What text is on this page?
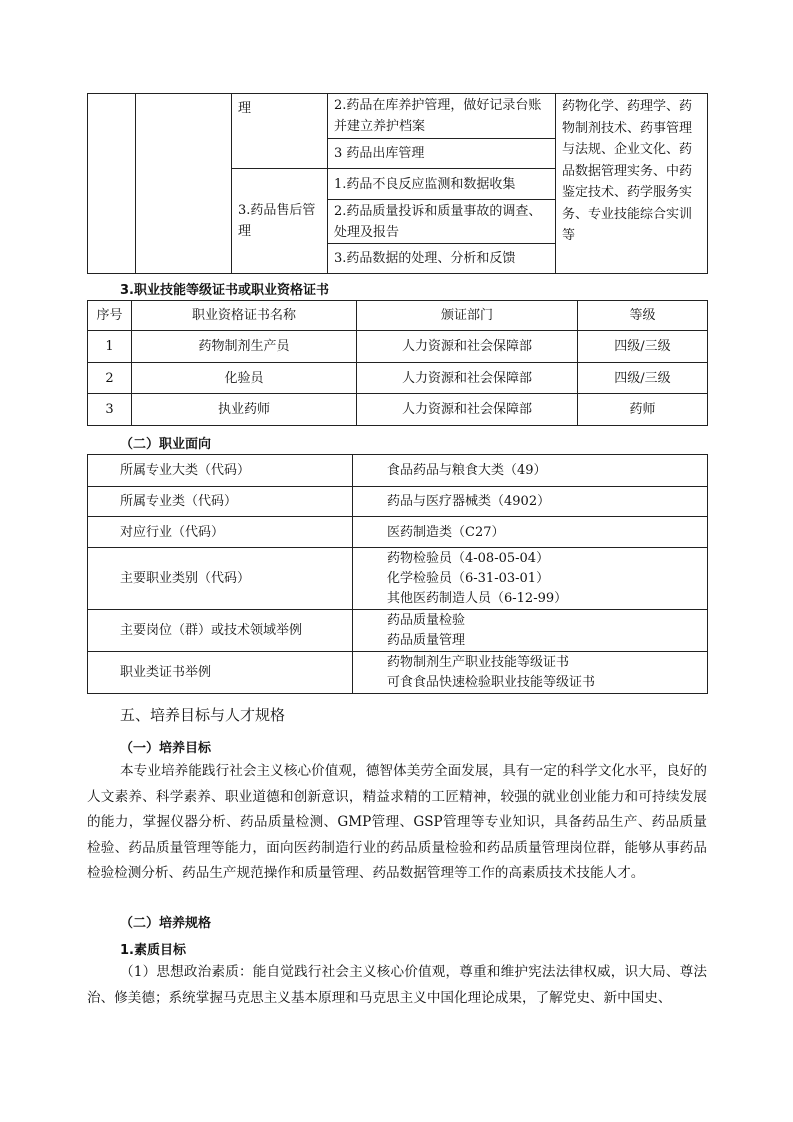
		理	2.药品在库养护管理，做好记录台账并建立养护档案	药物化学、药理学、药物制剂技术、药事管理与法规、企业文化、药品数据管理实务、中药鉴定技术、药学服务实务、专业技能综合实训等
			3 药品出库管理	
		3.药品售后管理	1.药品不良反应监测和数据收集	
			2.药品质量投诉和质量事故的调查、处理及报告	
			3.药品数据的处理、分析和反馈	
3.职业技能等级证书或职业资格证书
序号	职业资格证书名称	颁证部门	等级
1	药物制剂生产员	人力资源和社会保障部	四级/三级
2	化验员	人力资源和社会保障部	四级/三级
3	执业药师	人力资源和社会保障部	药师
（二）职业面向
所属专业大类（代码）	食品药品与粮食大类（49）
所属专业类（代码）	药品与医疗器械类（4902）
对应行业（代码）	医药制造类（C27）
主要职业类别（代码）	药物检验员（4-08-05-04）
化学检验员（6-31-03-01）
其他医药制造人员（6-12-99）

主要岗位（群）或技术领域举例	药品质量检验
药品质量管理

职业类证书举例	药物制剂生产职业技能等级证书
可食食品快速检验职业技能等级证书
五、培养目标与人才规格
（一）培养目标
本专业培养能践行社会主义核心价值观，德智体美劳全面发展，具有一定的科学文化水平，良好的人文素养、科学素养、职业道德和创新意识，精益求精的工匠精神，较强的就业创业能力和可持续发展的能力，掌握仪器分析、药品质量检测、GMP管理、GSP管理等专业知识，具备药品生产、药品质量检验、药品质量管理等能力，面向医药制造行业的药品质量检验和药品质量管理岗位群，能够从事药品检验检测分析、药品生产规范操作和质量管理、药品数据管理等工作的高素质技术技能人才。
（二）培养规格
1.素质目标
（1）思想政治素质：能自觉践行社会主义核心价值观，尊重和维护宪法法律权威，识大局、尊法治、修美德；系统掌握马克思主义基本原理和马克思主义中国化理论成果，了解党史、新中国史、
